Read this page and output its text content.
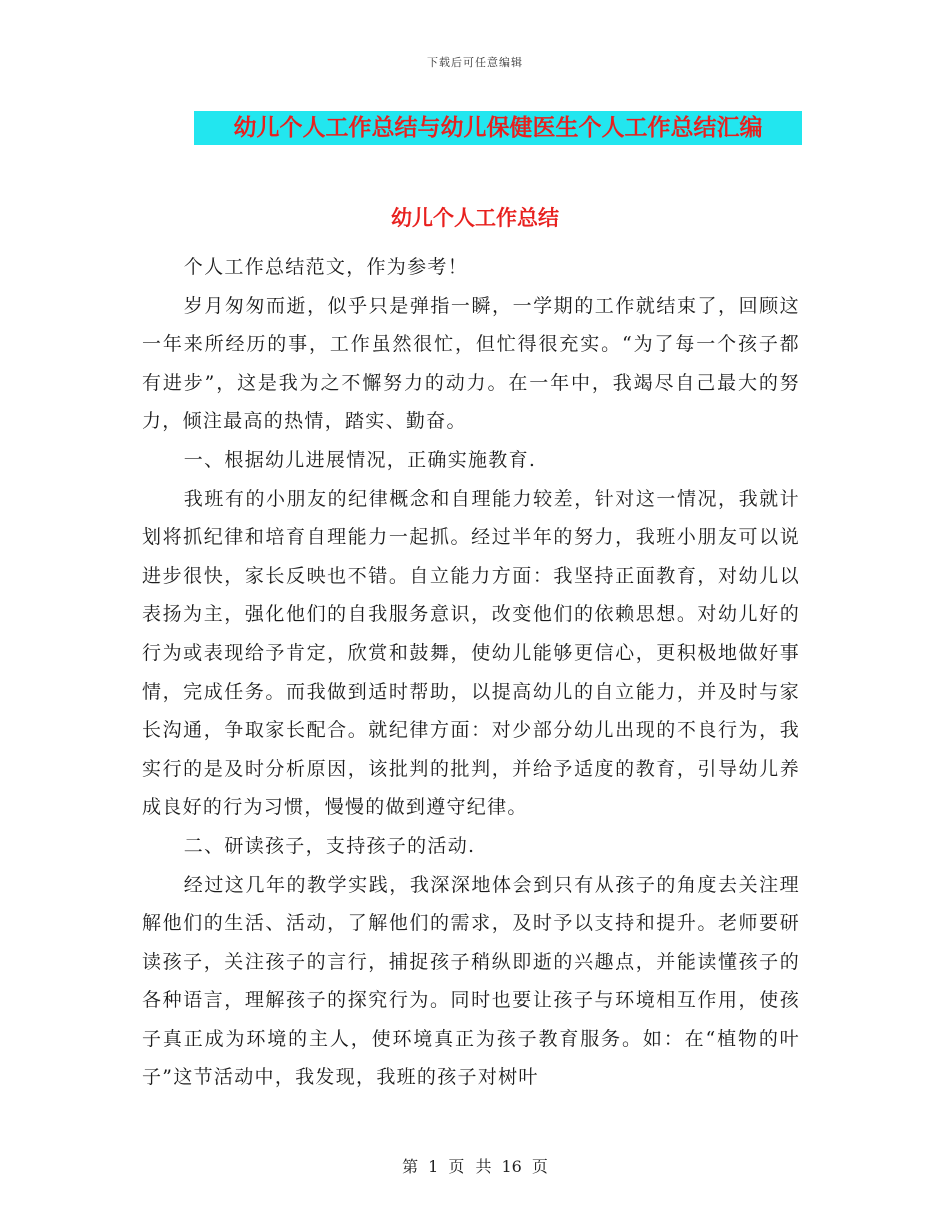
下载后可任意编辑
幼儿个人工作总结与幼儿保健医生个人工作总结汇编
幼儿个人工作总结

个人工作总结范文，作为参考！

岁月匆匆而逝，似乎只是弹指一瞬，一学期的工作就结束了，回顾这一年来所经历的事，工作虽然很忙，但忙得很充实。“为了每一个孩子都有进步”，这是我为之不懈努力的动力。在一年中，我竭尽自己最大的努力，倾注最高的热情，踏实、勤奋。

一、根据幼儿进展情况，正确实施教育.

我班有的小朋友的纪律概念和自理能力较差，针对这一情况，我就计划将抓纪律和培育自理能力一起抓。经过半年的努力，我班小朋友可以说进步很快，家长反映也不错。自立能力方面：我坚持正面教育，对幼儿以表扬为主，强化他们的自我服务意识，改变他们的依赖思想。对幼儿好的行为或表现给予肯定，欣赏和鼓舞，使幼儿能够更信心，更积极地做好事情，完成任务。而我做到适时帮助，以提高幼儿的自立能力，并及时与家长沟通，争取家长配合。就纪律方面：对少部分幼儿出现的不良行为，我实行的是及时分析原因，该批判的批判，并给予适度的教育，引导幼儿养成良好的行为习惯，慢慢的做到遵守纪律。

二、研读孩子，支持孩子的活动.

经过这几年的教学实践，我深深地体会到只有从孩子的角度去关注理解他们的生活、活动，了解他们的需求，及时予以支持和提升。老师要研读孩子，关注孩子的言行，捕捉孩子稍纵即逝的兴趣点，并能读懂孩子的各种语言，理解孩子的探究行为。同时也要让孩子与环境相互作用，使孩子真正成为环境的主人，使环境真正为孩子教育服务。如：在“植物的叶子”这节活动中，我发现，我班的孩子对树叶

第 1 页 共 16 页
